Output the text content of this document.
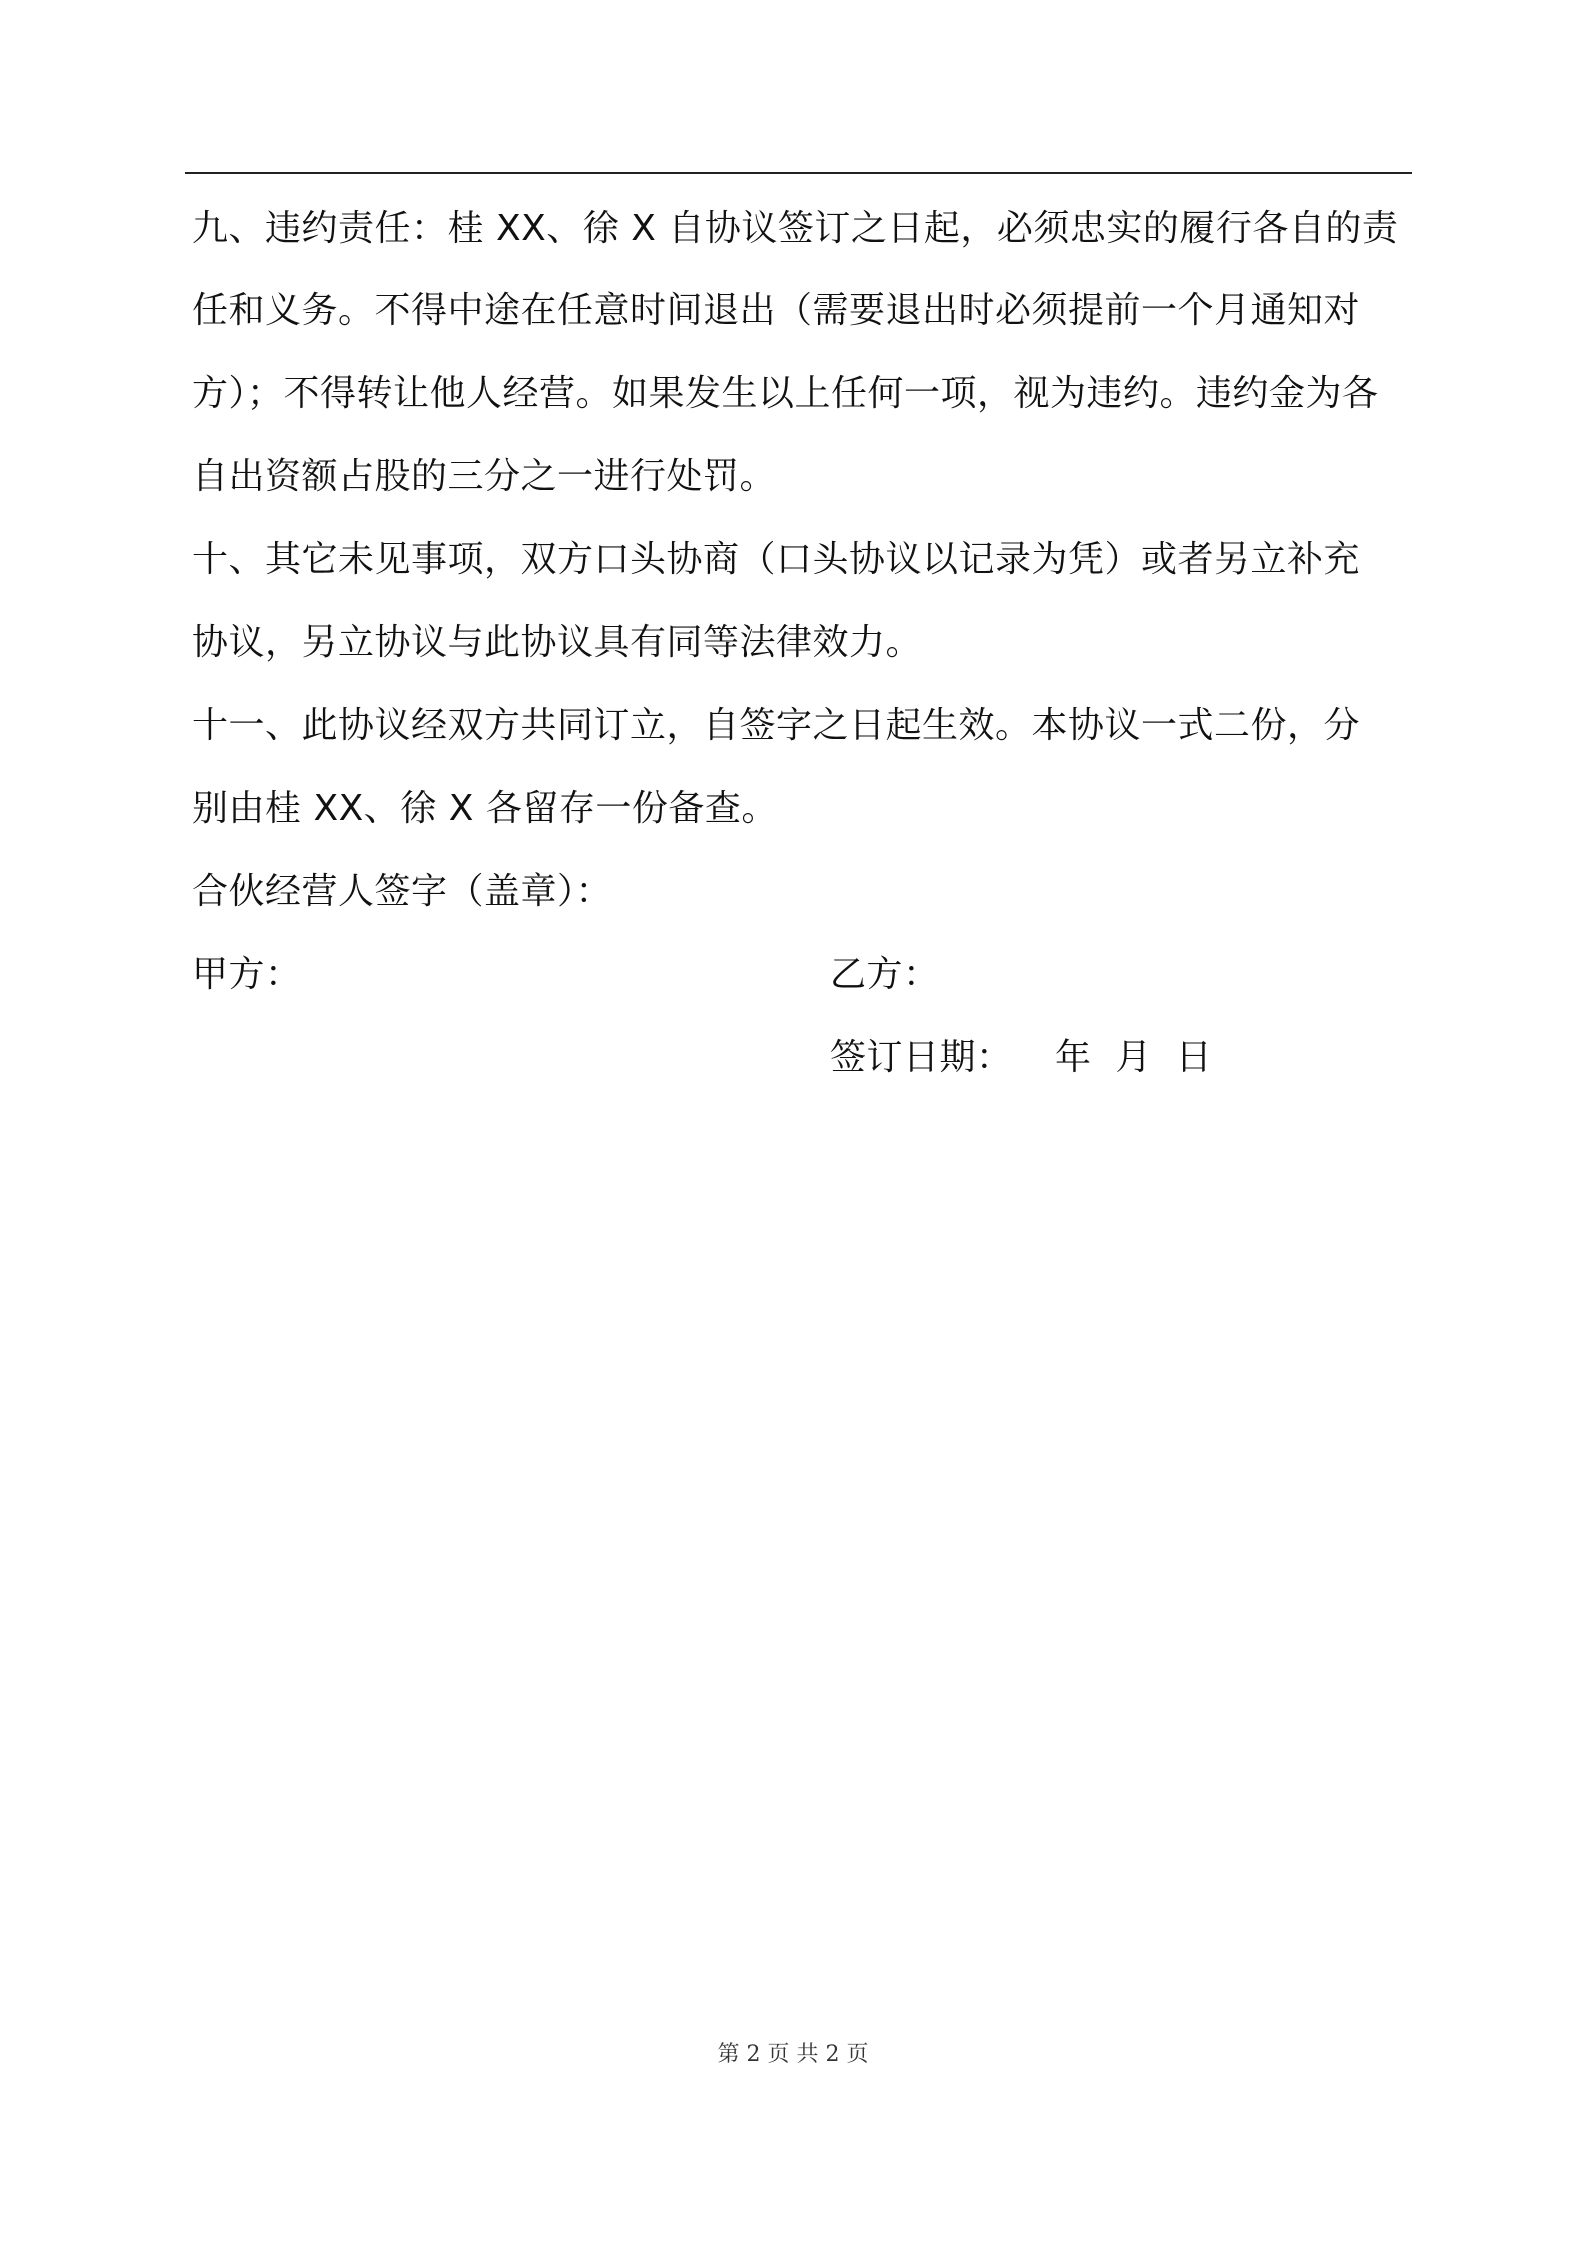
九、违约责任：桂 XX、徐 X 自协议签订之日起，必须忠实的履行各自的责
任和义务。不得中途在任意时间退出（需要退出时必须提前一个月通知对
方）；不得转让他人经营。如果发生以上任何一项，视为违约。违约金为各
自出资额占股的三分之一进行处罚。
十、其它未见事项，双方口头协商（口头协议以记录为凭）或者另立补充
协议，另立协议与此协议具有同等法律效力。
十一、此协议经双方共同订立，自签字之日起生效。本协议一式二份，分
别由桂 XX、徐 X 各留存一份备查。
合伙经营人签字（盖章）：
甲方：	乙方：
签订日期： 年  月  日
第 2 页 共 2 页
